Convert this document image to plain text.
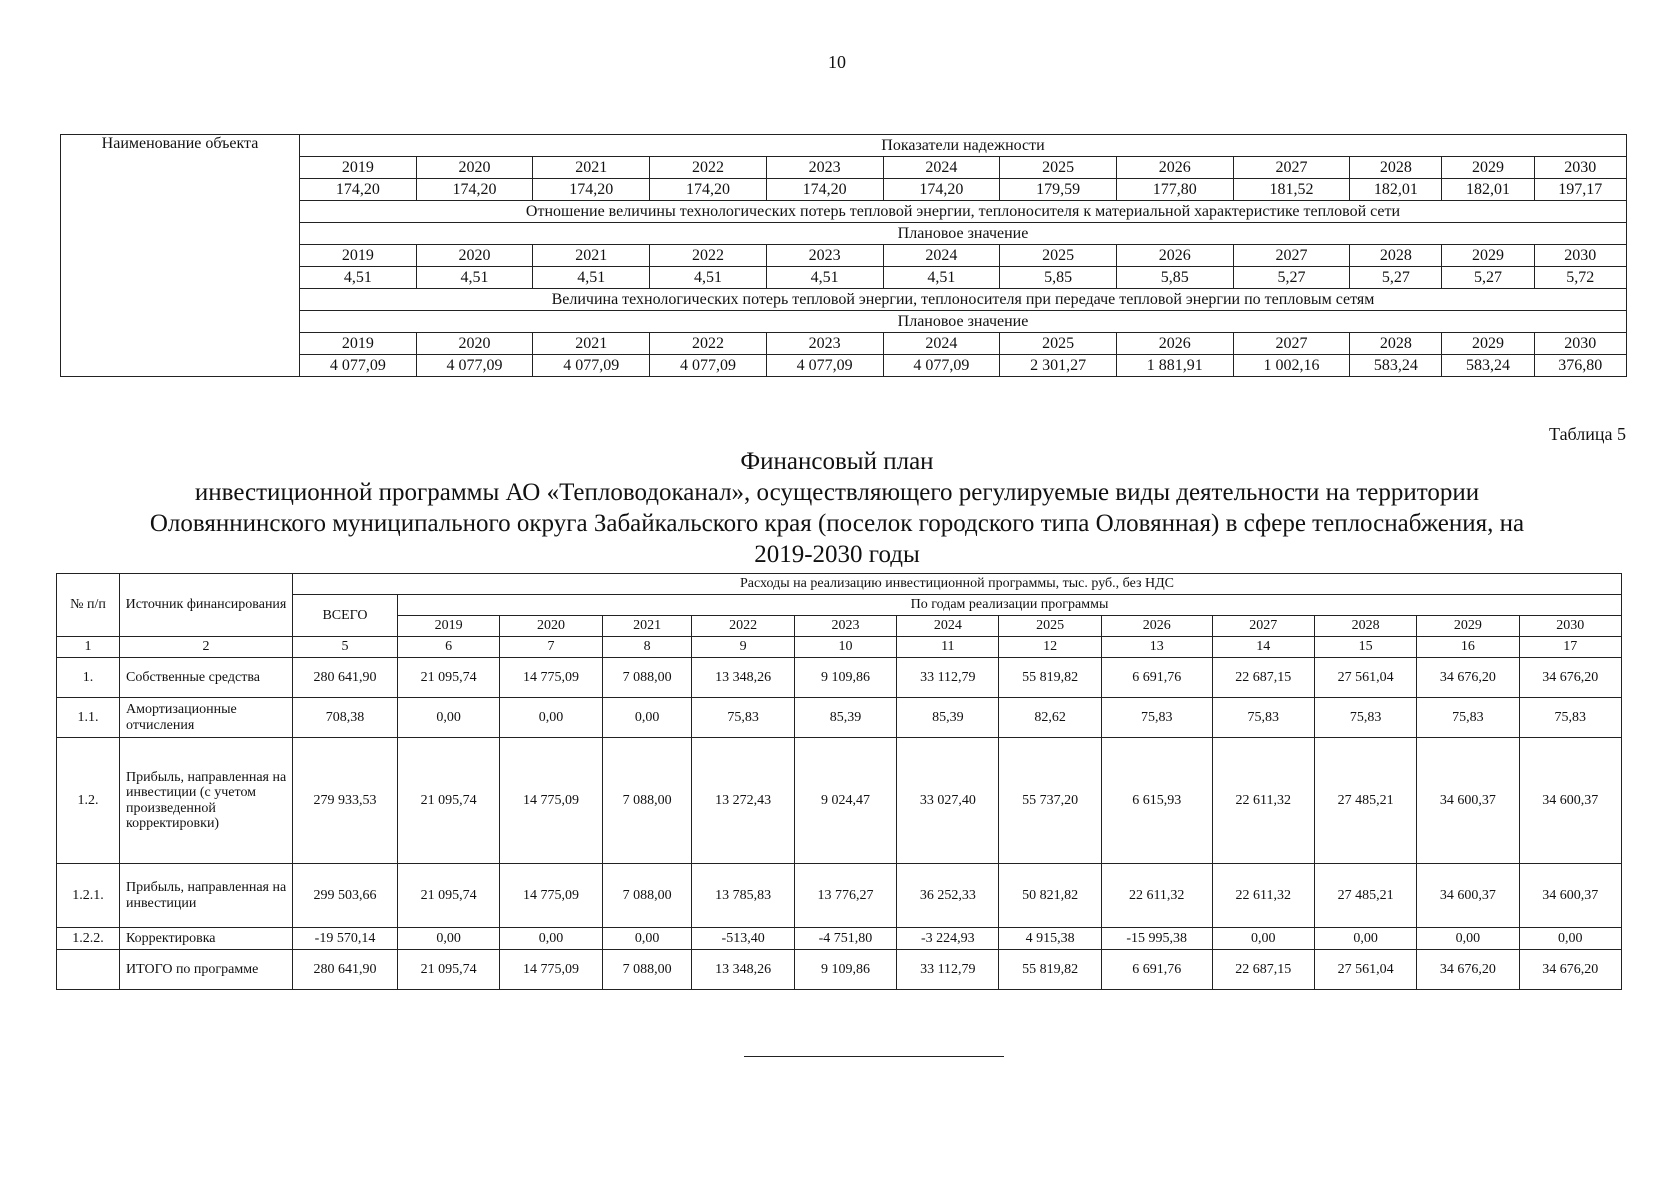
10
Наименование объекта	Показатели надежности											
	2019	2020	2021	2022	2023	2024	2025	2026	2027	2028	2029	2030
	174,20	174,20	174,20	174,20	174,20	174,20	179,59	177,80	181,52	182,01	182,01	197,17
	Отношение величины технологических потерь тепловой энергии, теплоносителя к материальной характеристике тепловой сети											
	Плановое значение											
	2019	2020	2021	2022	2023	2024	2025	2026	2027	2028	2029	2030
	4,51	4,51	4,51	4,51	4,51	4,51	5,85	5,85	5,27	5,27	5,27	5,72
	Величина технологических потерь тепловой энергии, теплоносителя при передаче тепловой энергии по тепловым сетям											
	Плановое значение											
	2019	2020	2021	2022	2023	2024	2025	2026	2027	2028	2029	2030
	4 077,09	4 077,09	4 077,09	4 077,09	4 077,09	4 077,09	2 301,27	1 881,91	1 002,16	583,24	583,24	376,80
Таблица 5
Финансовый план
инвестиционной программы АО «Тепловодоканал», осуществляющего регулируемые виды деятельности на территории
Оловяннинского муниципального округа Забайкальского края (поселок городского типа Оловянная) в сфере теплоснабжения, на
2019-2030 годы
№ п/п	Источник финансирования	Расходы на реализацию инвестиционной программы, тыс. руб., без НДС												
		ВСЕГО	По годам реализации программы											
			2019	2020	2021	2022	2023	2024	2025	2026	2027	2028	2029	2030
1	2	5	6	7	8	9	10	11	12	13	14	15	16	17
1.	Собственные средства	280 641,90	21 095,74	14 775,09	7 088,00	13 348,26	9 109,86	33 112,79	55 819,82	6 691,76	22 687,15	27 561,04	34 676,20	34 676,20
1.1.	Амортизационные отчисления	708,38	0,00	0,00	0,00	75,83	85,39	85,39	82,62	75,83	75,83	75,83	75,83	75,83
1.2.	Прибыль, направленная на инвестиции (с учетом произведенной корректировки)	279 933,53	21 095,74	14 775,09	7 088,00	13 272,43	9 024,47	33 027,40	55 737,20	6 615,93	22 611,32	27 485,21	34 600,37	34 600,37
1.2.1.	Прибыль, направленная на инвестиции	299 503,66	21 095,74	14 775,09	7 088,00	13 785,83	13 776,27	36 252,33	50 821,82	22 611,32	22 611,32	27 485,21	34 600,37	34 600,37
1.2.2.	Корректировка	-19 570,14	0,00	0,00	0,00	-513,40	-4 751,80	-3 224,93	4 915,38	-15 995,38	0,00	0,00	0,00	0,00
	ИТОГО по программе	280 641,90	21 095,74	14 775,09	7 088,00	13 348,26	9 109,86	33 112,79	55 819,82	6 691,76	22 687,15	27 561,04	34 676,20	34 676,20
